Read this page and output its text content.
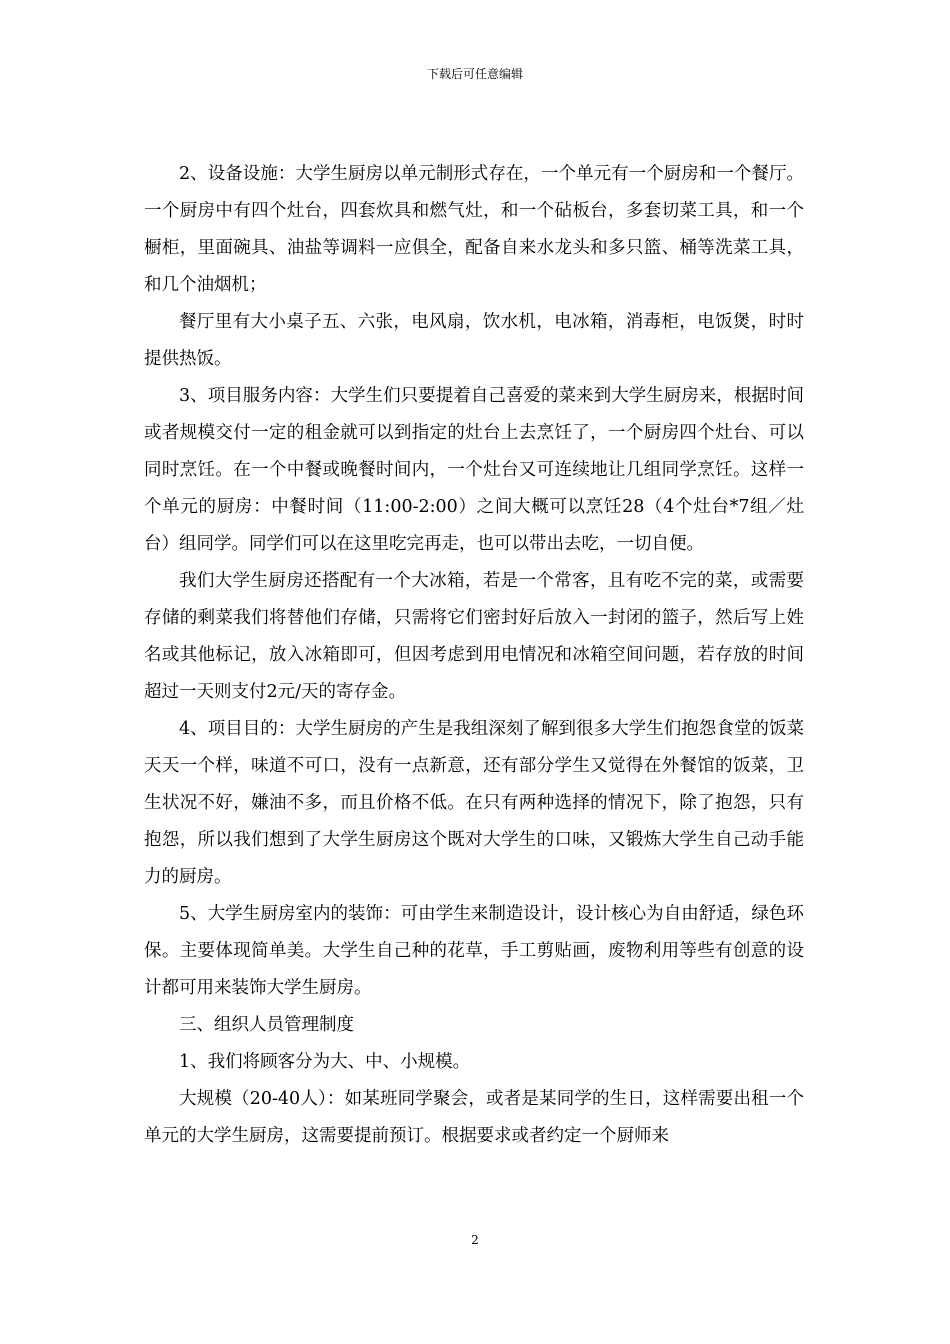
下载后可任意编辑

2、设备设施：大学生厨房以单元制形式存在，一个单元有一个厨房和一个餐厅。一个厨房中有四个灶台，四套炊具和燃气灶，和一个砧板台，多套切菜工具，和一个橱柜，里面碗具、油盐等调料一应俱全，配备自来水龙头和多只篮、桶等洗菜工具，和几个油烟机；

餐厅里有大小桌子五、六张，电风扇，饮水机，电冰箱，消毒柜，电饭煲，时时提供热饭。

3、项目服务内容：大学生们只要提着自己喜爱的菜来到大学生厨房来，根据时间或者规模交付一定的租金就可以到指定的灶台上去烹饪了，一个厨房四个灶台、可以同时烹饪。在一个中餐或晚餐时间内，一个灶台又可连续地让几组同学烹饪。这样一个单元的厨房：中餐时间（11:00-2:00）之间大概可以烹饪28（4个灶台*7组／灶台）组同学。同学们可以在这里吃完再走，也可以带出去吃，一切自便。

我们大学生厨房还搭配有一个大冰箱，若是一个常客，且有吃不完的菜，或需要存储的剩菜我们将替他们存储，只需将它们密封好后放入一封闭的篮子，然后写上姓名或其他标记，放入冰箱即可，但因考虑到用电情况和冰箱空间问题，若存放的时间超过一天则支付2元/天的寄存金。

4、项目目的：大学生厨房的产生是我组深刻了解到很多大学生们抱怨食堂的饭菜天天一个样，味道不可口，没有一点新意，还有部分学生又觉得在外餐馆的饭菜，卫生状况不好，嫌油不多，而且价格不低。在只有两种选择的情况下，除了抱怨，只有抱怨，所以我们想到了大学生厨房这个既对大学生的口味，又锻炼大学生自己动手能力的厨房。

5、大学生厨房室内的装饰：可由学生来制造设计，设计核心为自由舒适，绿色环保。主要体现简单美。大学生自己种的花草，手工剪贴画，废物利用等些有创意的设计都可用来装饰大学生厨房。

三、组织人员管理制度

1、我们将顾客分为大、中、小规模。

大规模（20-40人）：如某班同学聚会，或者是某同学的生日，这样需要出租一个单元的大学生厨房，这需要提前预订。根据要求或者约定一个厨师来

2
